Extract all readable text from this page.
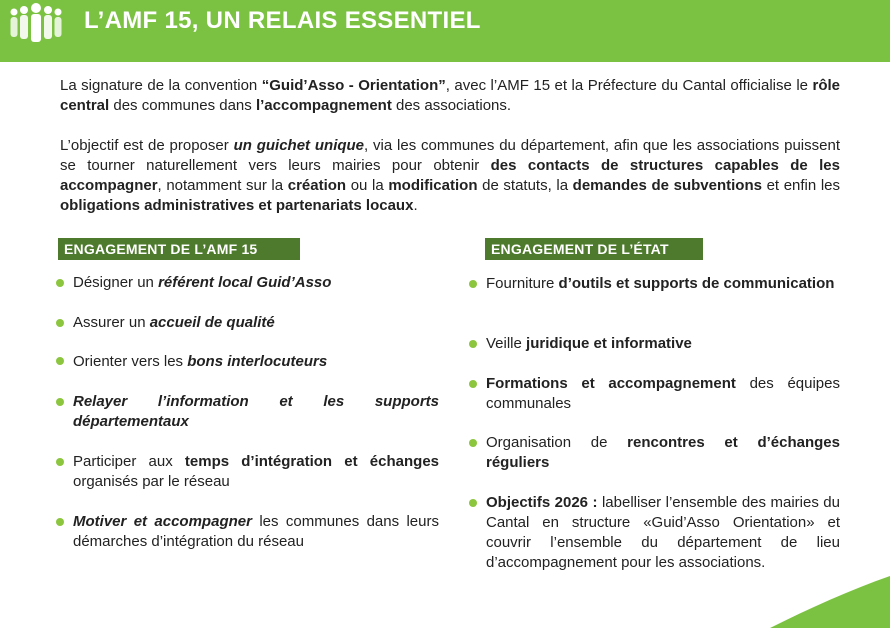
L’AMF 15, UN RELAIS ESSENTIEL

La signature de la convention “Guid’Asso - Orientation”, avec l’AMF 15 et la Préfecture du Cantal officialise le rôle central des communes dans l’accompagnement des associations.

L’objectif est de proposer un guichet unique, via les communes du département, afin que les associations puissent se tourner naturellement vers leurs mairies pour obtenir des contacts de structures capables de les accompagner, notamment sur la création ou la modification de statuts, la demandes de subventions et enfin les obligations administratives et partenariats locaux.

ENGAGEMENT DE L’AMF 15	ENGAGEMENT DE L’ÉTAT

Désigner un référent local Guid’Asso

Assurer un accueil de qualité

Orienter vers les bons interlocuteurs

Relayer l’information et les supports départementaux

Participer aux temps d’intégration et échanges organisés par le réseau

Motiver et accompagner les communes dans leurs démarches d’intégration du réseau

Fourniture d’outils et supports de communication

Veille juridique et informative

Formations et accompagnement des équipes communales

Organisation de rencontres et d’échanges réguliers

Objectifs 2026 : labelliser l’ensemble des mairies du Cantal en structure «Guid’Asso Orientation» et couvrir l’ensemble du département de lieu d’accompagnement pour les associations.
